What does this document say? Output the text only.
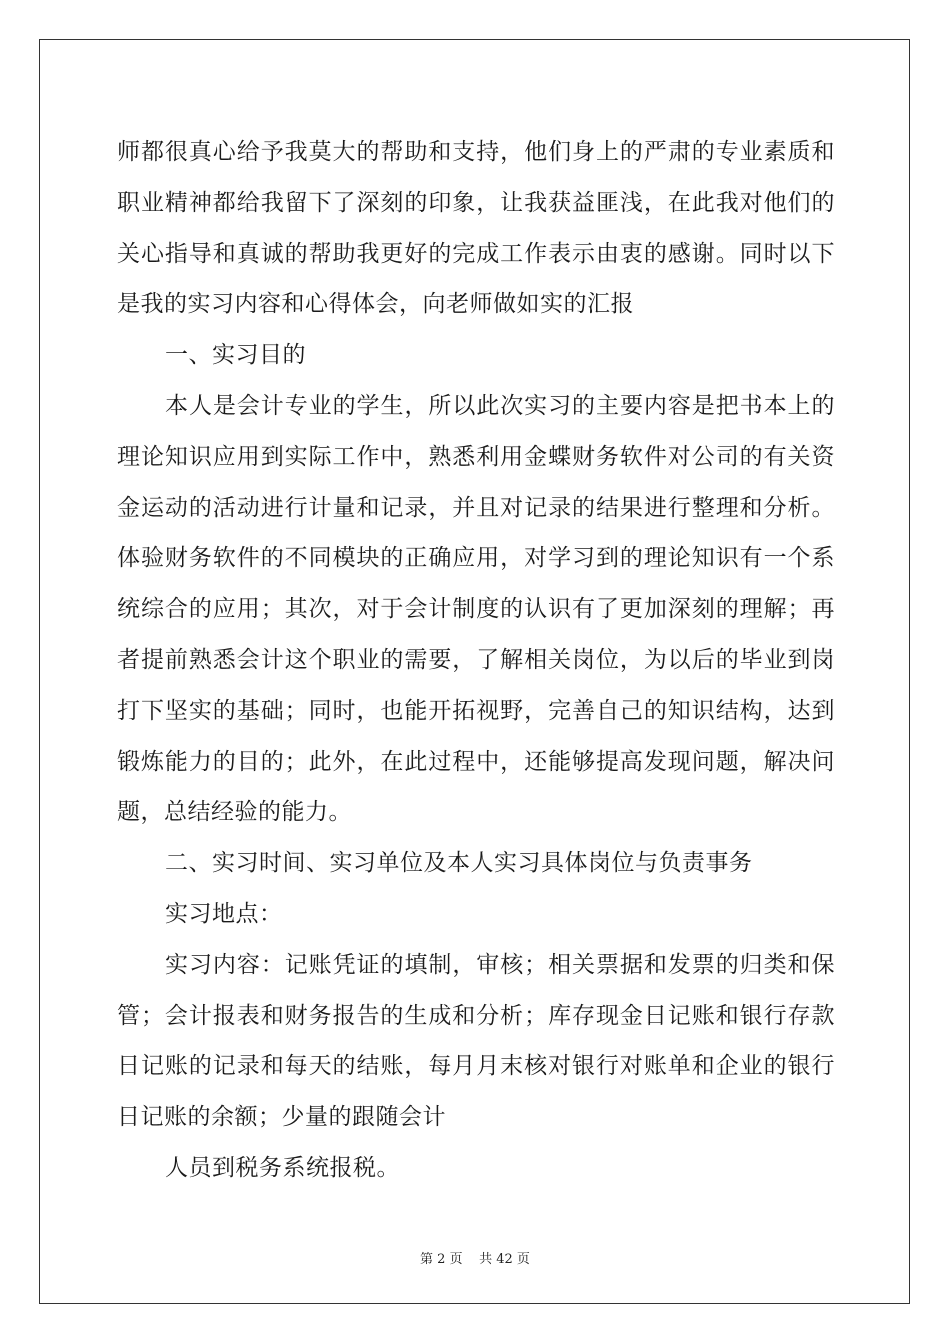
师都很真心给予我莫大的帮助和支持，他们身上的严肃的专业素质和职业精神都给我留下了深刻的印象，让我获益匪浅，在此我对他们的关心指导和真诚的帮助我更好的完成工作表示由衷的感谢。同时以下是我的实习内容和心得体会，向老师做如实的汇报

一、实习目的

本人是会计专业的学生，所以此次实习的主要内容是把书本上的理论知识应用到实际工作中，熟悉利用金蝶财务软件对公司的有关资金运动的活动进行计量和记录，并且对记录的结果进行整理和分析。体验财务软件的不同模块的正确应用，对学习到的理论知识有一个系统综合的应用；其次，对于会计制度的认识有了更加深刻的理解；再者提前熟悉会计这个职业的需要，了解相关岗位，为以后的毕业到岗打下坚实的基础；同时，也能开拓视野，完善自己的知识结构，达到锻炼能力的目的；此外，在此过程中，还能够提高发现问题，解决问题，总结经验的能力。

二、实习时间、实习单位及本人实习具体岗位与负责事务

实习地点：

实习内容：记账凭证的填制，审核；相关票据和发票的归类和保管；会计报表和财务报告的生成和分析；库存现金日记账和银行存款日记账的记录和每天的结账，每月月末核对银行对账单和企业的银行日记账的余额；少量的跟随会计

人员到税务系统报税。

第 2 页 共 42 页
